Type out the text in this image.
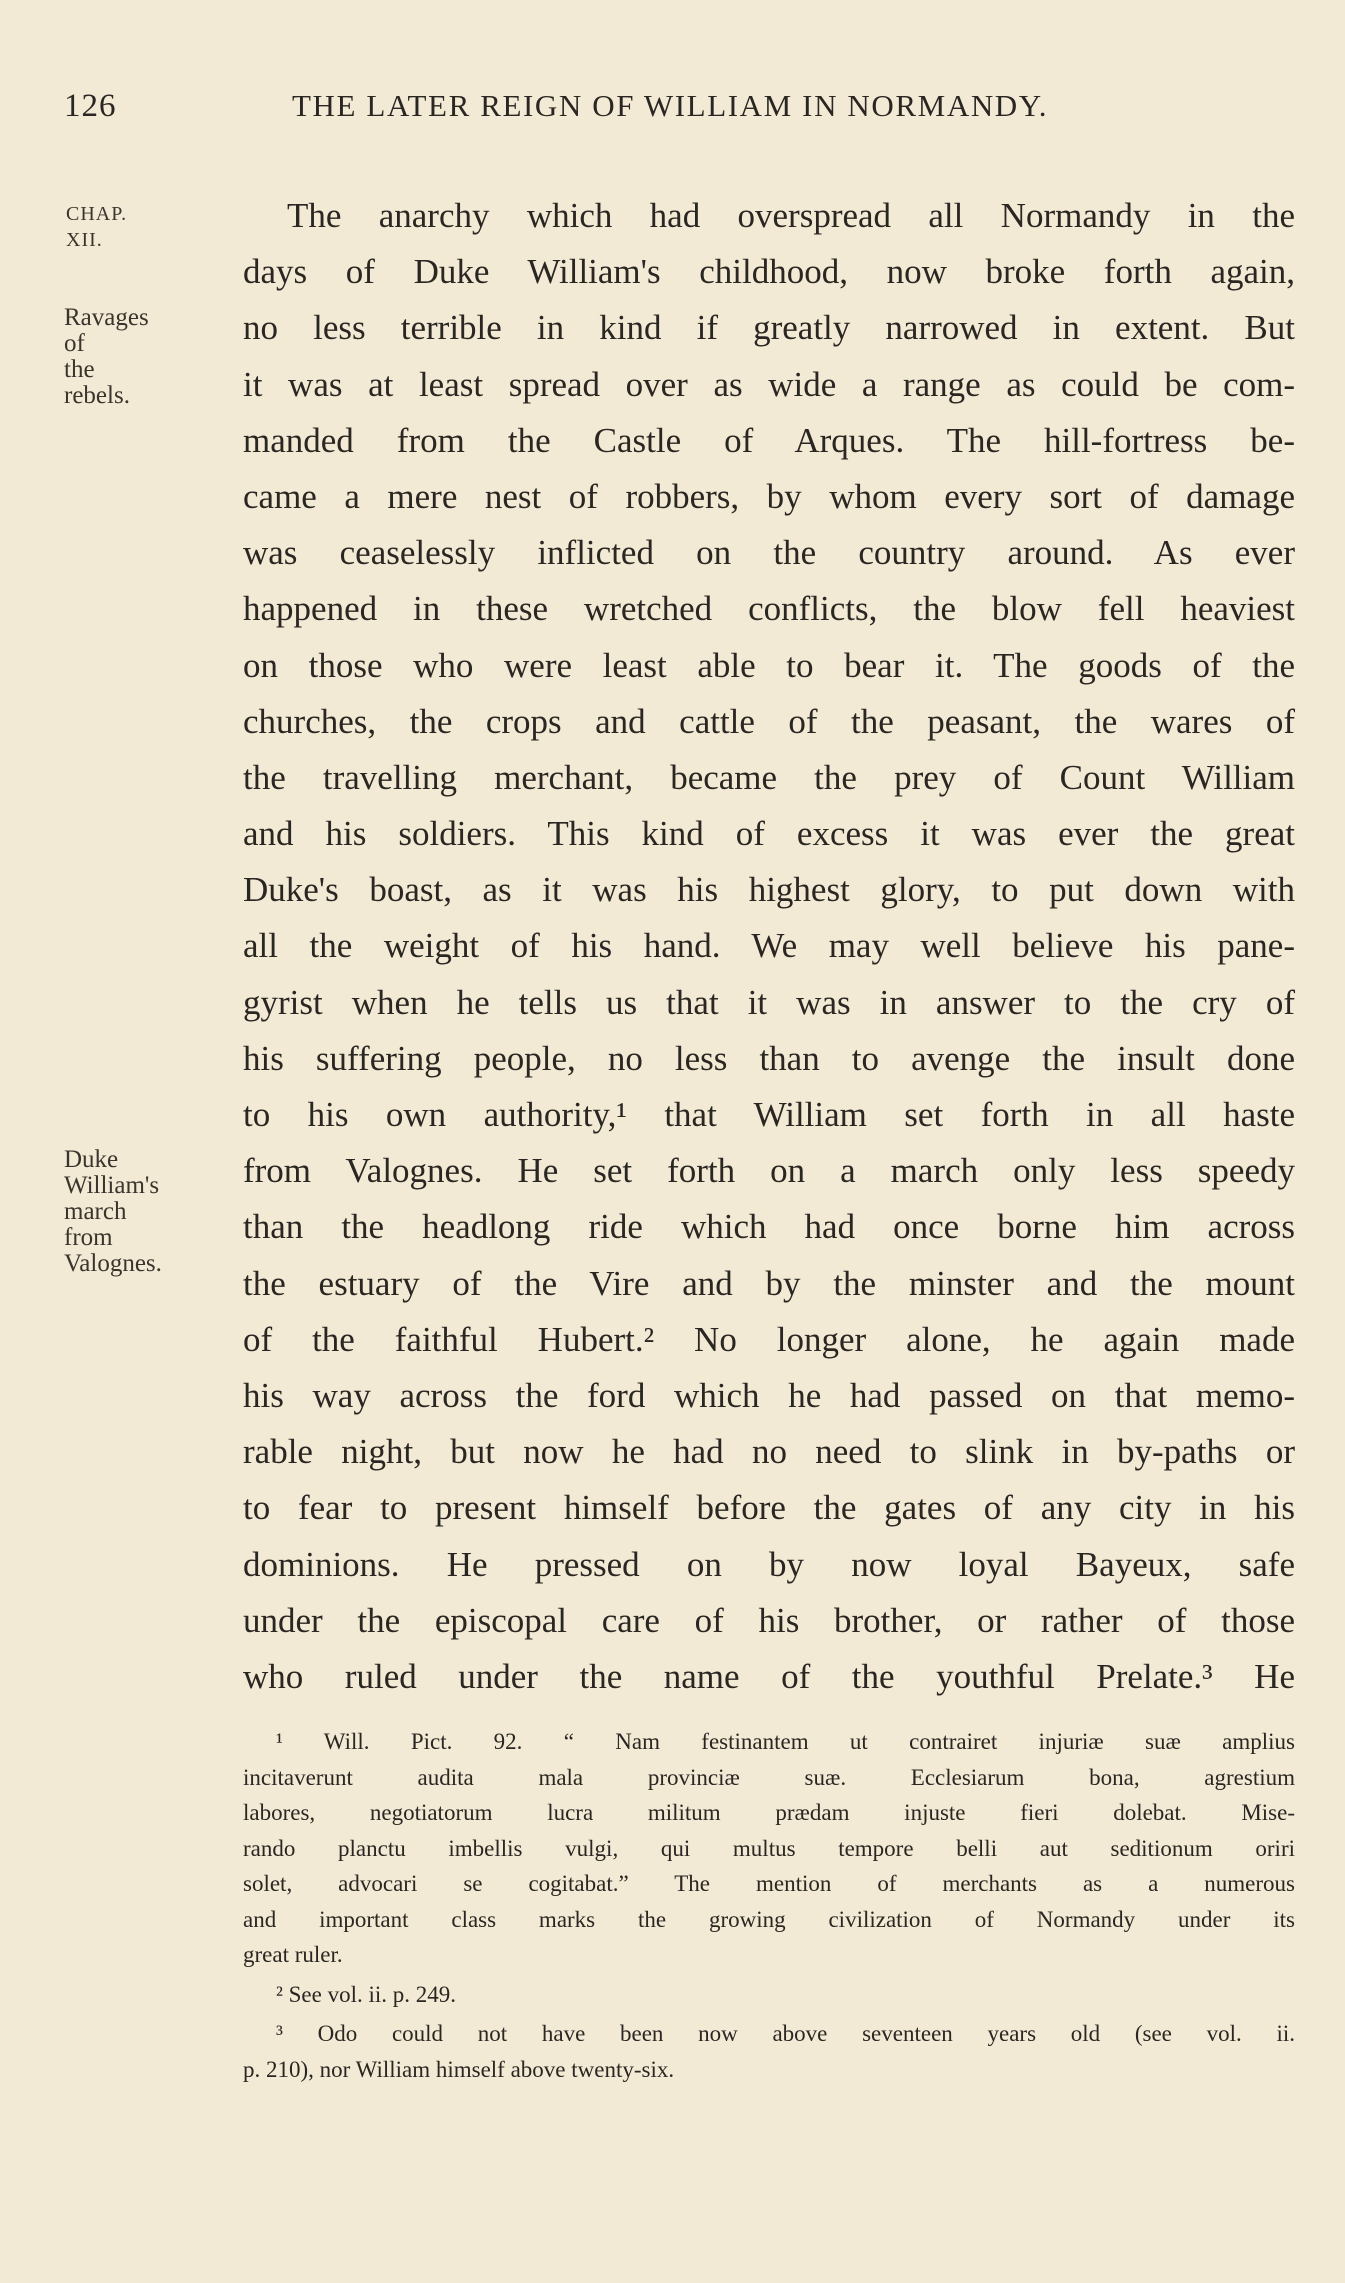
126	THE LATER REIGN OF WILLIAM IN NORMANDY.
CHAP. XII.
Ravages of
the rebels.
Duke
William's
march from
Valognes.
The anarchy which had overspread all Normandy in the
days of Duke William's childhood, now broke forth again,
no less terrible in kind if greatly narrowed in extent. But
it was at least spread over as wide a range as could be com-
manded from the Castle of Arques. The hill-fortress be-
came a mere nest of robbers, by whom every sort of damage
was ceaselessly inflicted on the country around. As ever
happened in these wretched conflicts, the blow fell heaviest
on those who were least able to bear it. The goods of the
churches, the crops and cattle of the peasant, the wares of
the travelling merchant, became the prey of Count William
and his soldiers. This kind of excess it was ever the great
Duke's boast, as it was his highest glory, to put down with
all the weight of his hand. We may well believe his pane-
gyrist when he tells us that it was in answer to the cry of
his suffering people, no less than to avenge the insult done
to his own authority,¹ that William set forth in all haste
from Valognes. He set forth on a march only less speedy
than the headlong ride which had once borne him across
the estuary of the Vire and by the minster and the mount
of the faithful Hubert.² No longer alone, he again made
his way across the ford which he had passed on that memo-
rable night, but now he had no need to slink in by-paths or
to fear to present himself before the gates of any city in his
dominions. He pressed on by now loyal Bayeux, safe
under the episcopal care of his brother, or rather of those
who ruled under the name of the youthful Prelate.³ He
¹ Will. Pict. 92. “ Nam festinantem ut contrairet injuriæ suæ amplius
incitaverunt audita mala provinciæ suæ. Ecclesiarum bona, agrestium
labores, negotiatorum lucra militum prædam injuste fieri dolebat. Mise-
rando planctu imbellis vulgi, qui multus tempore belli aut seditionum oriri
solet, advocari se cogitabat.” The mention of merchants as a numerous
and important class marks the growing civilization of Normandy under its
great ruler.
² See vol. ii. p. 249.
³ Odo could not have been now above seventeen years old (see vol. ii.
p. 210), nor William himself above twenty-six.
